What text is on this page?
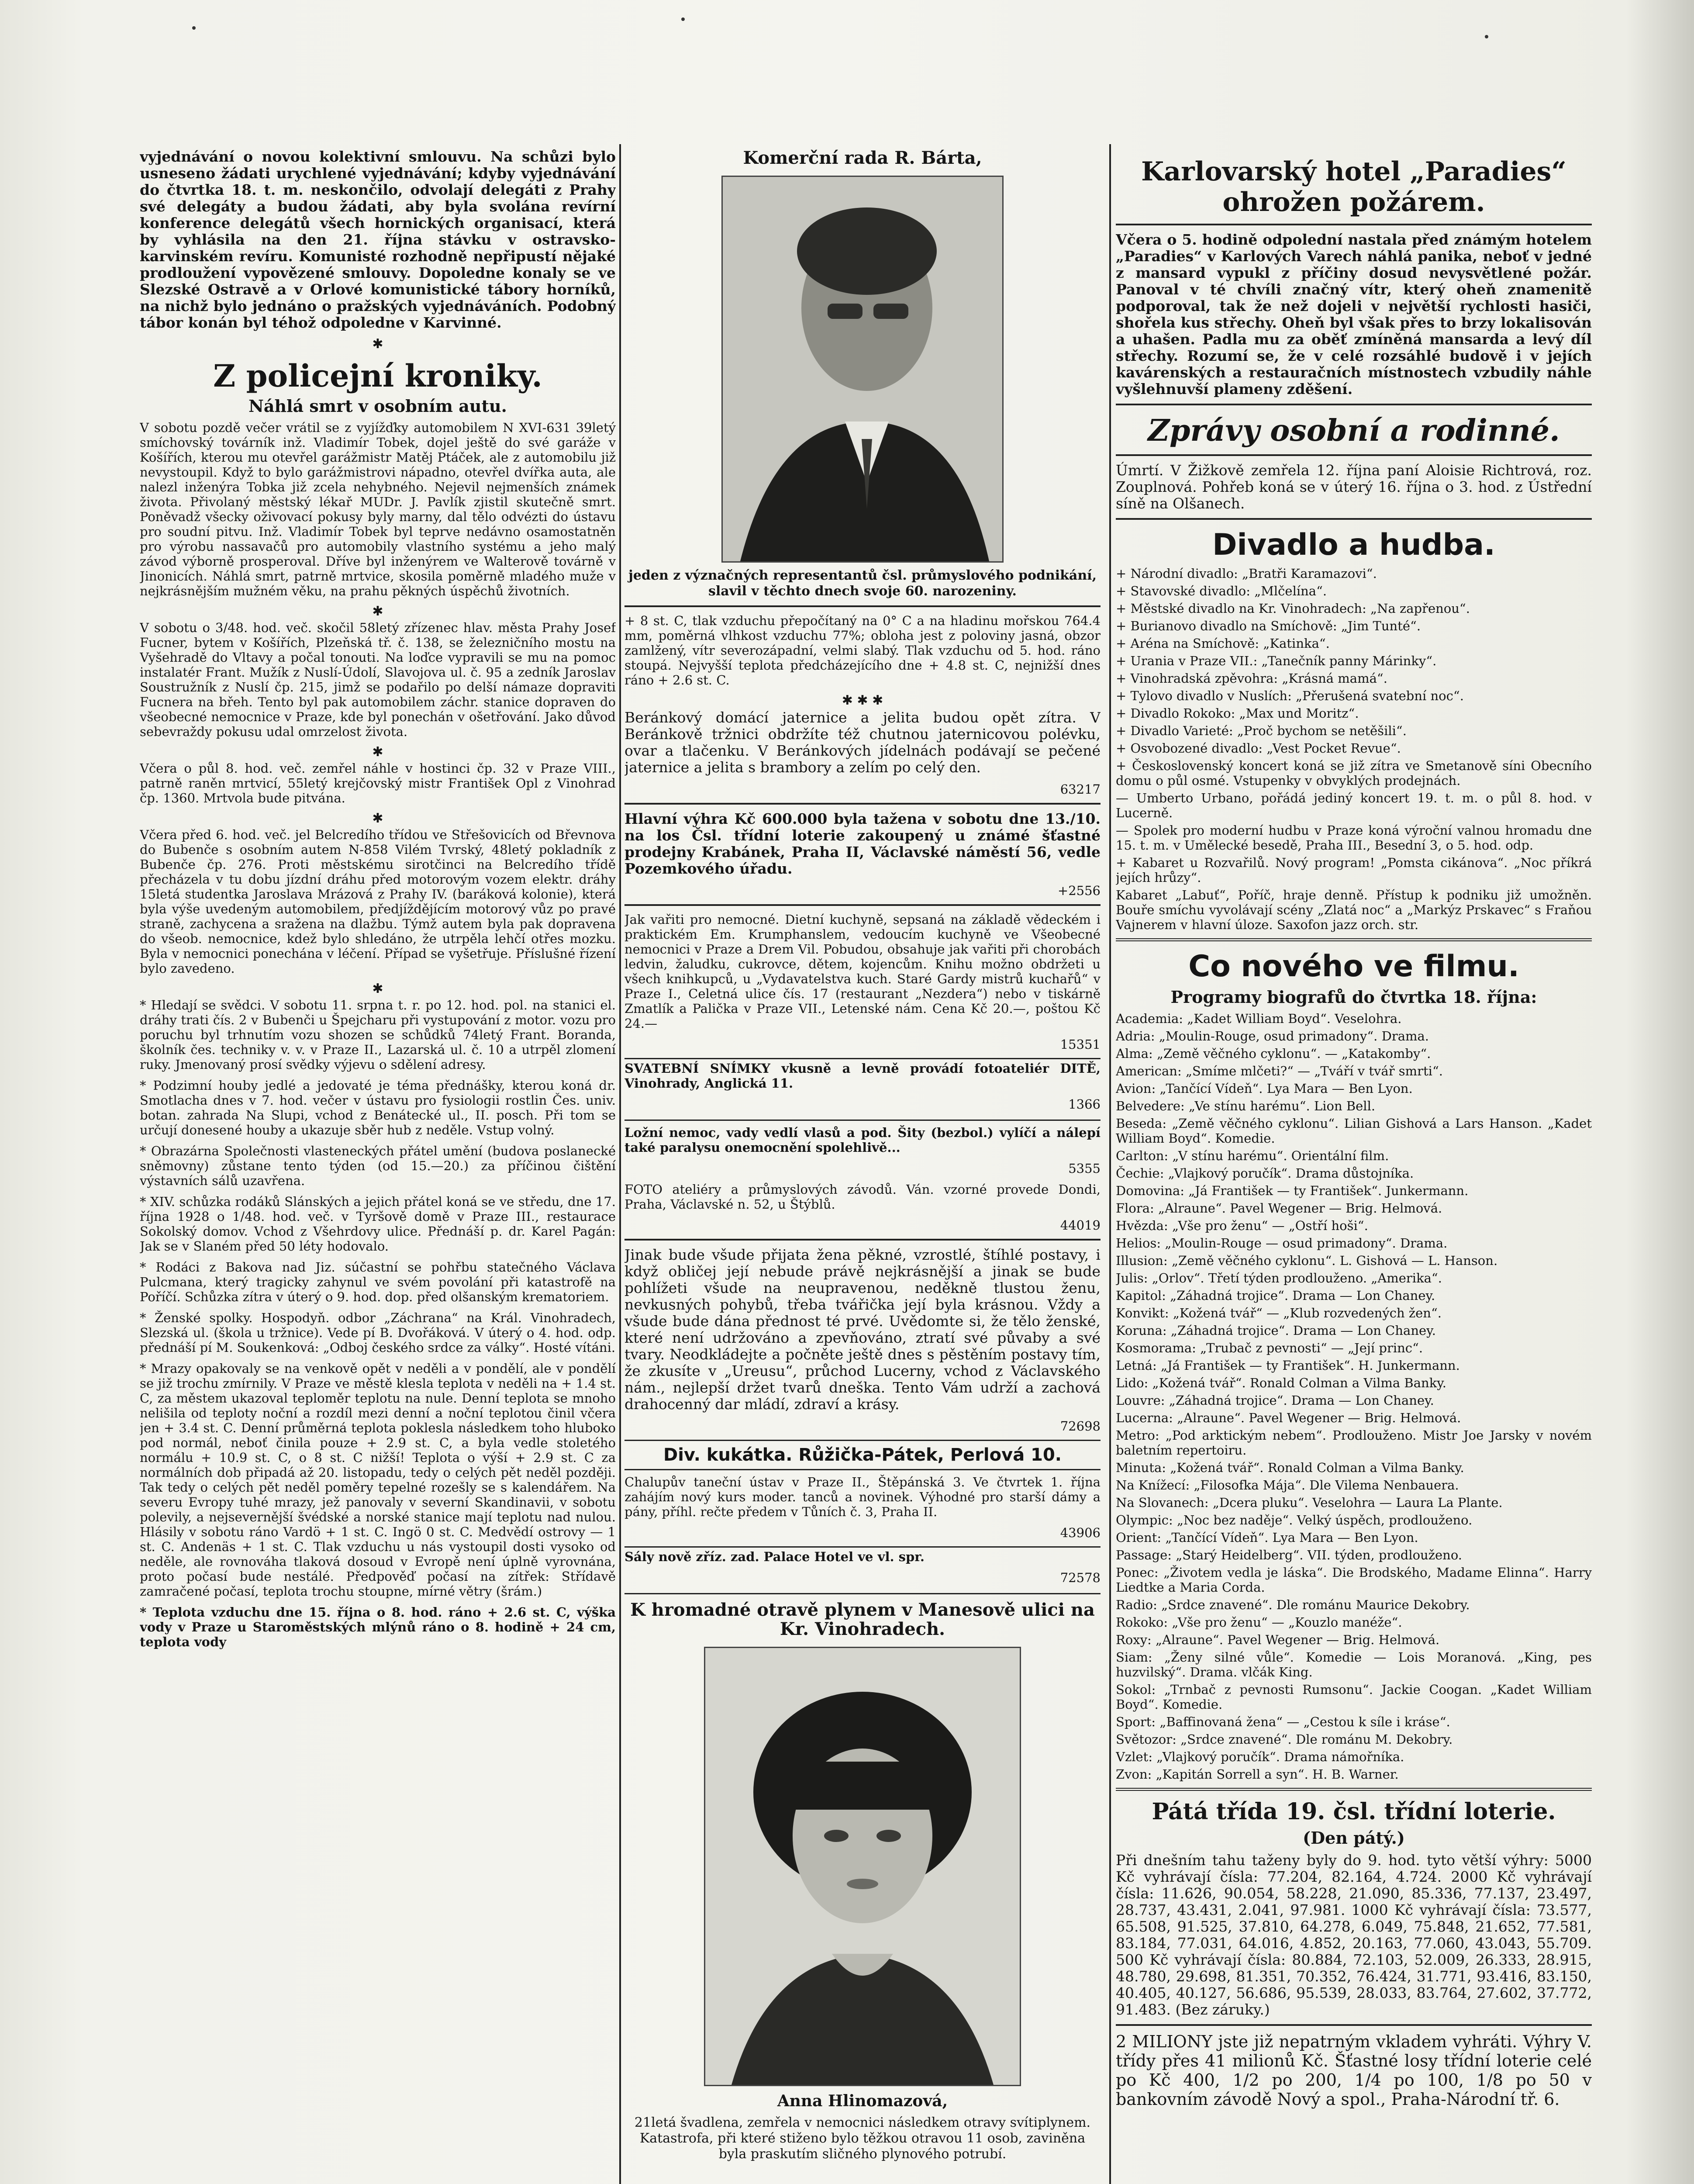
vyjednávání o novou kolektivní smlouvu. Na schůzi bylo usneseno žádati urychlené vyjednávání; kdyby vyjednávání do čtvrtka 18. t. m. neskončilo, odvolají delegáti z Prahy své delegáty a budou žádati, aby byla svolána revírní konference delegátů všech hornických organisací, která by vyhlásila na den 21. října stávku v ostravsko-karvinském revíru. Komunisté rozhodně nepřipustí nějaké prodloužení vypovězené smlouvy. Dopoledne konaly se ve Slezské Ostravě a v Orlové komunistické tábory horníků, na nichž bylo jednáno o pražských vyjednáváních. Podobný tábor konán byl téhož odpoledne v Karvinné.

✱
Z policejní kroniky.
Náhlá smrt v osobním autu.

V sobotu pozdě večer vrátil se z vyjížďky automobilem N XVI-631 39letý smíchovský továrník inž. Vladimír Tobek, dojel ještě do své garáže v Košířích, kterou mu otevřel garážmistr Matěj Ptáček, ale z automobilu již nevystoupil. Když to bylo garážmistrovi nápadno, otevřel dvířka auta, ale nalezl inženýra Tobka již zcela nehybného. Nejevil nejmenších známek života. Přivolaný městský lékař MUDr. J. Pavlík zjistil skutečně smrt. Poněvadž všecky oživovací pokusy byly marny, dal tělo odvézti do ústavu pro soudní pitvu. Inž. Vladimír Tobek byl teprve nedávno osamostatněn pro výrobu nassavačů pro automobily vlastního systému a jeho malý závod výborně prosperoval. Dříve byl inženýrem ve Walterově továrně v Jinonicích. Náhlá smrt, patrně mrtvice, skosila poměrně mladého muže v nejkrásnějším mužném věku, na prahu pěkných úspěchů životních.

✱

V sobotu o 3/48. hod. več. skočil 58letý zřízenec hlav. města Prahy Josef Fucner, bytem v Košířích, Plzeňská tř. č. 138, se železničního mostu na Vyšehradě do Vltavy a počal tonouti. Na loďce vypravili se mu na pomoc instalatér Frant. Mužík z Nuslí-Údolí, Slavojova ul. č. 95 a zedník Jaroslav Soustružník z Nuslí čp. 215, jimž se podařilo po delší námaze dopraviti Fucnera na břeh. Tento byl pak automobilem záchr. stanice dopraven do všeobecné nemocnice v Praze, kde byl ponechán v ošetřování. Jako důvod sebevraždy pokusu udal omrzelost života.

✱

Včera o půl 8. hod. več. zemřel náhle v hostinci čp. 32 v Praze VIII., patrně raněn mrtvicí, 55letý krejčovský mistr František Opl z Vinohrad čp. 1360. Mrtvola bude pitvána.

✱

Včera před 6. hod. več. jel Belcredího třídou ve Střešovicích od Břevnova do Bubenče s osobním autem N-858 Vilém Tvrský, 48letý pokladník z Bubenče čp. 276. Proti městskému sirotčinci na Belcredího třídě přecházela v tu dobu jízdní dráhu před motorovým vozem elektr. dráhy 15letá studentka Jaroslava Mrázová z Prahy IV. (baráková kolonie), která byla výše uvedeným automobilem, předjíždějícím motorový vůz po pravé straně, zachycena a sražena na dlažbu. Týmž autem byla pak dopravena do všeob. nemocnice, kdež bylo shledáno, že utrpěla lehčí otřes mozku. Byla v nemocnici ponechána v léčení. Případ se vyšetřuje. Příslušné řízení bylo zavedeno.

✱

* Hledají se svědci. V sobotu 11. srpna t. r. po 12. hod. pol. na stanici el. dráhy trati čís. 2 v Bubenči u Špejcharu při vystupování z motor. vozu pro poruchu byl trhnutím vozu shozen se schůdků 74letý Frant. Boranda, školník čes. techniky v. v. v Praze II., Lazarská ul. č. 10 a utrpěl zlomení ruky. Jmenovaný prosí svědky výjevu o sdělení adresy.

* Podzimní houby jedlé a jedovaté je téma přednášky, kterou koná dr. Smotlacha dnes v 7. hod. večer v ústavu pro fysiologii rostlin Čes. univ. botan. zahrada Na Slupi, vchod z Benátecké ul., II. posch. Při tom se určují donesené houby a ukazuje sběr hub z neděle. Vstup volný.

* Obrazárna Společnosti vlasteneckých přátel umění (budova poslanecké sněmovny) zůstane tento týden (od 15.—20.) za příčinou čištění výstavních sálů uzavřena.

* XIV. schůzka rodáků Slánských a jejich přátel koná se ve středu, dne 17. října 1928 o 1/48. hod. več. v Tyršově domě v Praze III., restaurace Sokolský domov. Vchod z Všehrdovy ulice. Přednáší p. dr. Karel Pagán: Jak se v Slaném před 50 léty hodovalo.

* Rodáci z Bakova nad Jiz. súčastní se pohřbu statečného Václava Pulcmana, který tragicky zahynul ve svém povolání při katastrofě na Poříčí. Schůzka zítra v úterý o 9. hod. dop. před olšanským krematoriem.

* Ženské spolky. Hospodyň. odbor „Záchrana“ na Král. Vinohradech, Slezská ul. (škola u tržnice). Vede pí B. Dvořáková. V úterý o 4. hod. odp. přednáší pí M. Soukenková: „Odboj českého srdce za války“. Hosté vítáni.

* Mrazy opakovaly se na venkově opět v neděli a v pondělí, ale v pondělí se již trochu zmírnily. V Praze ve městě klesla teplota v neděli na + 1.4 st. C, za městem ukazoval teploměr teplotu na nule. Denní teplota se mnoho nelišila od teploty noční a rozdíl mezi denní a noční teplotou činil včera jen + 3.4 st. C. Denní průměrná teplota poklesla následkem toho hluboko pod normál, neboť činila pouze + 2.9 st. C, a byla vedle stoletého normálu + 10.9 st. C, o 8 st. C nižší! Teplota o výší + 2.9 st. C za normálních dob připadá až 20. listopadu, tedy o celých pět neděl později. Tak tedy o celých pět neděl poměry tepelné rozešly se s kalendářem. Na severu Evropy tuhé mrazy, jež panovaly v severní Skandinavii, v sobotu polevily, a nejsevernější švédské a norské stanice mají teplotu nad nulou. Hlásily v sobotu ráno Vardö + 1 st. C. Ingö 0 st. C. Medvědí ostrovy — 1 st. C. Andenäs + 1 st. C. Tlak vzduchu u nás vystoupil dosti vysoko od neděle, ale rovnováha tlaková dosoud v Evropě není úplně vyrovnána, proto počasí bude nestálé. Předpověď počasí na zítřek: Střídavě zamračené počasí, teplota trochu stoupne, mírné větry (šrám.)

* Teplota vzduchu dne 15. října o 8. hod. ráno + 2.6 st. C, výška vody v Praze u Staroměstských mlýnů ráno o 8. hodině + 24 cm, teplota vody

Komerční rada R. Bárta,

jeden z význačných representantů čsl. průmyslového podnikání, slavil v těchto dnech svoje 60. narozeniny.

+ 8 st. C, tlak vzduchu přepočítaný na 0° C a na hladinu mořskou 764.4 mm, poměrná vlhkost vzduchu 77%; obloha jest z poloviny jasná, obzor zamlžený, vítr severozápadní, velmi slabý. Tlak vzduchu od 5. hod. ráno stoupá. Nejvyšší teplota předcházejícího dne + 4.8 st. C, nejnižší dnes ráno + 2.6 st. C.

✱ ✱ ✱

Beránkový domácí jaternice a jelita budou opět zítra. V Beránkově tržnici obdržíte též chutnou jaternicovou polévku, ovar a tlačenku. V Beránkových jídelnách podávají se pečené jaternice a jelita s brambory a zelím po celý den.

63217

Hlavní výhra Kč 600.000 byla tažena v sobotu dne 13./10. na los Čsl. třídní loterie zakoupený u známé šťastné prodejny Krabánek, Praha II, Václavské náměstí 56, vedle Pozemkového úřadu.

+2556

Jak vařiti pro nemocné. Dietní kuchyně, sepsaná na základě vědeckém i praktickém Em. Krumphanslem, vedoucím kuchyně ve Všeobecné nemocnici v Praze a Drem Vil. Pobudou, obsahuje jak vařiti při chorobách ledvin, žaludku, cukrovce, dětem, kojencům. Knihu možno obdržeti u všech knihkupců, u „Vydavatelstva kuch. Staré Gardy mistrů kuchařů“ v Praze I., Celetná ulice čís. 17 (restaurant „Nezdera“) nebo v tiskárně Zmatlík a Palička v Praze VII., Letenské nám. Cena Kč 20.—, poštou Kč 24.—

15351

SVATEBNÍ SNÍMKY vkusně a levně provádí fotoateliér DITĚ, Vinohrady, Anglická 11.

1366

Ložní nemoc, vady vedlí vlasů a pod. Šity (bezbol.) vylíčí a nálepí také paralysu onemocnění spolehlivě...

5355

FOTO ateliéry a průmyslových závodů. Ván. vzorné provede Dondi, Praha, Václavské n. 52, u Štýblů.

44019

Jinak bude všude přijata žena pěkné, vzrostlé, štíhlé postavy, i když obličej její nebude právě nejkrásnější a jinak se bude pohlížeti všude na neupravenou, neděkně tlustou ženu, nevkusných pohybů, třeba tvářička její byla krásnou. Vždy a všude bude dána přednost té prvé. Uvědomte si, že tělo ženské, které není udržováno a zpevňováno, ztratí své půvaby a své tvary. Neodkládejte a počněte ještě dnes s pěstěním postavy tím, že zkusíte v „Ureusu“, průchod Lucerny, vchod z Václavského nám., nejlepší držet tvarů dneška. Tento Vám udrží a zachová drahocenný dar mládí, zdraví a krásy.

72698

Div. kukátka. Růžička-Pátek, Perlová 10.

Chalupův taneční ústav v Praze II., Štěpánská 3. Ve čtvrtek 1. října zahájím nový kurs moder. tanců a novinek. Výhodné pro starší dámy a pány, příhl. rečte předem v Tůních č. 3, Praha II.

43906

Sály nově zříz. zad. Palace Hotel ve vl. spr.

72578

K hromadné otravě plynem v Manesově ulici na Kr. Vinohradech.
Anna Hlinomazová,

21letá švadlena, zemřela v nemocnici následkem otravy svítiplynem. Katastrofa, při které stiženo bylo těžkou otravou 11 osob, zaviněna byla praskutím sličného plynového potrubí.

Karlovarský hotel „Paradies“ ohrožen požárem.

Včera o 5. hodině odpolední nastala před známým hotelem „Paradies“ v Karlových Varech náhlá panika, neboť v jedné z mansard vypukl z příčiny dosud nevysvětlené požár. Panoval v té chvíli značný vítr, který oheň znamenitě podporoval, tak že než dojeli v největší rychlosti hasiči, shořela kus střechy. Oheň byl však přes to brzy lokalisován a uhašen. Padla mu za oběť zmíněná mansarda a levý díl střechy. Rozumí se, že v celé rozsáhlé budově i v jejích kavárenských a restauračních místnostech vzbudily náhle vyšlehnuvší plameny zděšení.

Zprávy osobní a rodinné.

Úmrtí. V Žižkově zemřela 12. října paní Aloisie Richtrová, roz. Zouplnová. Pohřeb koná se v úterý 16. října o 3. hod. z Ústřední síně na Olšanech.

Divadlo a hudba.

+ Národní divadlo: „Bratři Karamazovi“.

+ Stavovské divadlo: „Mlčelína“.

+ Městské divadlo na Kr. Vinohradech: „Na zapřenou“.

+ Burianovo divadlo na Smíchově: „Jim Tunté“.

+ Aréna na Smíchově: „Katinka“.

+ Urania v Praze VII.: „Tanečník panny Márinky“.

+ Vinohradská zpěvohra: „Krásná mamá“.

+ Tylovo divadlo v Nuslích: „Přerušená svatební noc“.

+ Divadlo Rokoko: „Max und Moritz“.

+ Divadlo Varieté: „Proč bychom se netěšili“.

+ Osvobozené divadlo: „Vest Pocket Revue“.

+ Československý koncert koná se již zítra ve Smetanově síni Obecního domu o půl osmé. Vstupenky v obvyklých prodejnách.

— Umberto Urbano, pořádá jediný koncert 19. t. m. o půl 8. hod. v Lucerně.

— Spolek pro moderní hudbu v Praze koná výroční valnou hromadu dne 15. t. m. v Umělecké besedě, Praha III., Besední 3, o 5. hod. odp.

+ Kabaret u Rozvařilů. Nový program! „Pomsta cikánova“. „Noc příkrá jejích hrůzy“.

Kabaret „Labuť“, Poříč, hraje denně. Přístup k podniku již umožněn. Bouře smíchu vyvolávají scény „Zlatá noc“ a „Markýz Prskavec“ s Fraňou Vajnerem v hlavní úloze. Saxofon jazz orch. str.

Co nového ve filmu.
Programy biografů do čtvrtka 18. října:

Academia: „Kadet William Boyd“. Veselohra.

Adria: „Moulin-Rouge, osud primadony“. Drama.

Alma: „Země věčného cyklonu“. — „Katakomby“.

American: „Smíme mlčeti?“ — „Tváří v tvář smrti“.

Avion: „Tančící Vídeň“. Lya Mara — Ben Lyon.

Belvedere: „Ve stínu harému“. Lion Bell.

Beseda: „Země věčného cyklonu“. Lilian Gishová a Lars Hanson. „Kadet William Boyd“. Komedie.

Carlton: „V stínu harému“. Orientální film.

Čechie: „Vlajkový poručík“. Drama důstojníka.

Domovina: „Já František — ty František“. Junkermann.

Flora: „Alraune“. Pavel Wegener — Brig. Helmová.

Hvězda: „Vše pro ženu“ — „Ostří hoši“.

Helios: „Moulin-Rouge — osud primadony“. Drama.

Illusion: „Země věčného cyklonu“. L. Gishová — L. Hanson.

Julis: „Orlov“. Třetí týden prodlouženo. „Amerika“.

Kapitol: „Záhadná trojice“. Drama — Lon Chaney.

Konvikt: „Kožená tvář“ — „Klub rozvedených žen“.

Koruna: „Záhadná trojice“. Drama — Lon Chaney.

Kosmorama: „Trubač z pevnosti“ — „Její princ“.

Letná: „Já František — ty František“. H. Junkermann.

Lido: „Kožená tvář“. Ronald Colman a Vilma Banky.

Louvre: „Záhadná trojice“. Drama — Lon Chaney.

Lucerna: „Alraune“. Pavel Wegener — Brig. Helmová.

Metro: „Pod arktickým nebem“. Prodlouženo. Mistr Joe Jarsky v novém baletním repertoiru.

Minuta: „Kožená tvář“. Ronald Colman a Vilma Banky.

Na Knížecí: „Filosofka Mája“. Dle Vilema Nenbauera.

Na Slovanech: „Dcera pluku“. Veselohra — Laura La Plante.

Olympic: „Noc bez naděje“. Velký úspěch, prodlouženo.

Orient: „Tančící Vídeň“. Lya Mara — Ben Lyon.

Passage: „Starý Heidelberg“. VII. týden, prodlouženo.

Ponec: „Životem vedla je láska“. Die Brodského, Madame Elinna“. Harry Liedtke a Maria Corda.

Radio: „Srdce znavené“. Dle románu Maurice Dekobry.

Rokoko: „Vše pro ženu“ — „Kouzlo manéže“.

Roxy: „Alraune“. Pavel Wegener — Brig. Helmová.

Siam: „Ženy silné vůle“. Komedie — Lois Moranová. „King, pes huzvilský“. Drama. vlčák King.

Sokol: „Trnbač z pevnosti Rumsonu“. Jackie Coogan. „Kadet William Boyd“. Komedie.

Sport: „Baffinovaná žena“ — „Cestou k síle i kráse“.

Světozor: „Srdce znavené“. Dle románu M. Dekobry.

Vzlet: „Vlajkový poručík“. Drama námořníka.

Zvon: „Kapitán Sorrell a syn“. H. B. Warner.

Pátá třída 19. čsl. třídní loterie.
(Den pátý.)

Při dnešním tahu taženy byly do 9. hod. tyto větší výhry: 5000 Kč vyhrávají čísla: 77.204, 82.164, 4.724. 2000 Kč vyhrávají čísla: 11.626, 90.054, 58.228, 21.090, 85.336, 77.137, 23.497, 28.737, 43.431, 2.041, 97.981. 1000 Kč vyhrávají čísla: 73.577, 65.508, 91.525, 37.810, 64.278, 6.049, 75.848, 21.652, 77.581, 83.184, 77.031, 64.016, 4.852, 20.163, 77.060, 43.043, 55.709. 500 Kč vyhrávají čísla: 80.884, 72.103, 52.009, 26.333, 28.915, 48.780, 29.698, 81.351, 70.352, 76.424, 31.771, 93.416, 83.150, 40.405, 40.127, 56.686, 95.539, 28.033, 83.764, 27.602, 37.772, 91.483. (Bez záruky.)

2 MILIONY jste již nepatrným vkladem vyhráti. Výhry V. třídy přes 41 milionů Kč. Šťastné losy třídní loterie celé po Kč 400, 1/2 po 200, 1/4 po 100, 1/8 po 50 v bankovním závodě Nový a spol., Praha-Národní tř. 6.
